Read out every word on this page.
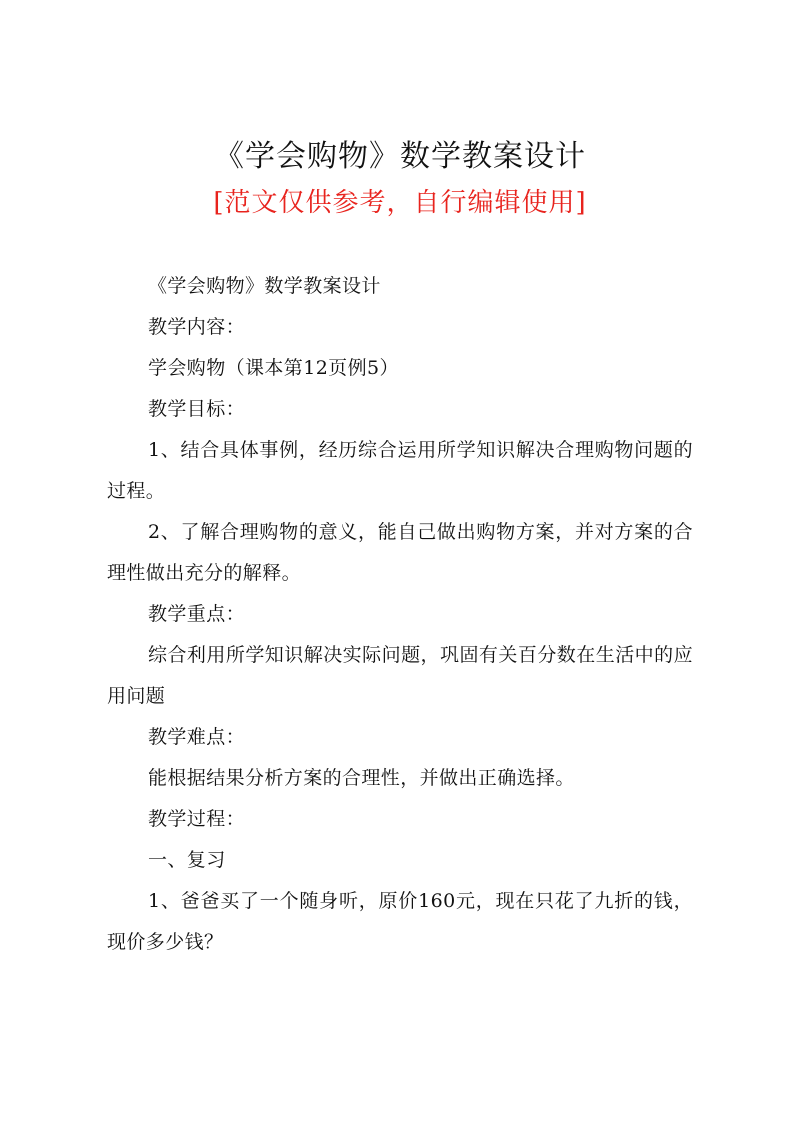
《学会购物》数学教案设计

[范文仅供参考，自行编辑使用]

《学会购物》数学教案设计

教学内容：

学会购物（课本第12页例5）

教学目标：

1、结合具体事例，经历综合运用所学知识解决合理购物问题的过程。

2、了解合理购物的意义，能自己做出购物方案，并对方案的合理性做出充分的解释。

教学重点：

综合利用所学知识解决实际问题，巩固有关百分数在生活中的应用问题

教学难点：

能根据结果分析方案的合理性，并做出正确选择。

教学过程：

一、复习

1、爸爸买了一个随身听，原价160元，现在只花了九折的钱，现价多少钱？
